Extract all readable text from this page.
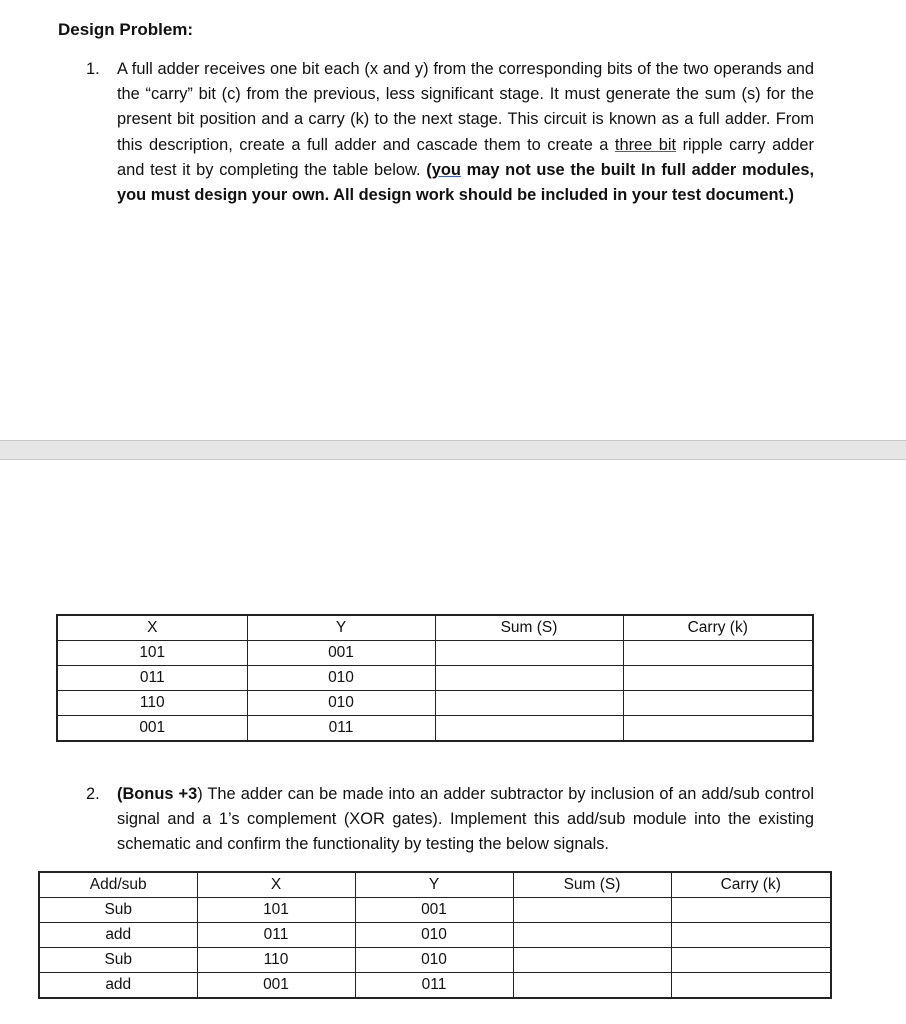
Design Problem:

1. A full adder receives one bit each (x and y) from the corresponding bits of the two operands and the “carry” bit (c) from the previous, less significant stage. It must generate the sum (s) for the present bit position and a carry (k) to the next stage. This circuit is known as a full adder. From this description, create a full adder and cascade them to create a three bit ripple carry adder and test it by completing the table below. (you may not use the built In full adder modules, you must design your own. All design work should be included in your test document.)
X	Y	Sum (S)	Carry (k)
101	001		
011	010		
110	010		
001	011		
2. (Bonus +3) The adder can be made into an adder subtractor by inclusion of an add/sub control signal and a 1’s complement (XOR gates). Implement this add/sub module into the existing schematic and confirm the functionality by testing the below signals.
Add/sub	X	Y	Sum (S)	Carry (k)
Sub	101	001		
add	011	010		
Sub	110	010		
add	001	011		
